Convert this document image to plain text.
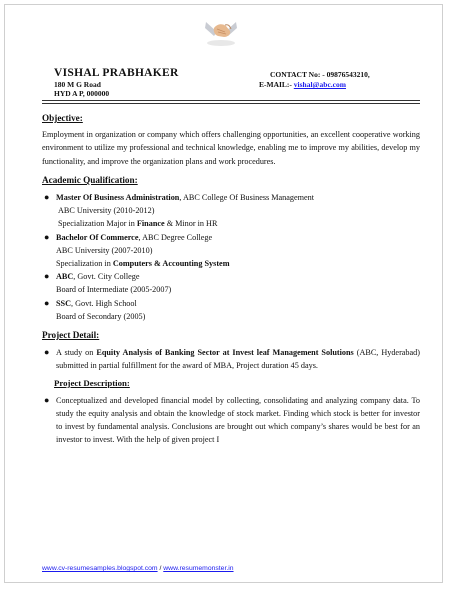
VISHAL PRABHAKER
180 M G Road
HYD A P, 000000
CONTACT No: - 09876543210,
E-MAIL:- vishal@abc.com

Objective:

Employment in organization or company which offers challenging opportunities, an excellent cooperative working environment to utilize my professional and technical knowledge, enabling me to improve my abilities, develop my functionality, and improve the organization plans and work procedures.

Academic Qualification:

● Master Of Business Administration, ABC College Of Business Management
ABC University (2010-2012)
Specialization Major in Finance & Minor in HR
● Bachelor Of Commerce, ABC Degree College
ABC University (2007-2010)
Specialization in Computers & Accounting System
● ABC, Govt. City College
Board of Intermediate (2005-2007)
● SSC, Govt. High School
Board of Secondary (2005)

Project Detail:

● A study on Equity Analysis of Banking Sector at Invest leaf Management Solutions (ABC, Hyderabad) submitted in partial fulfillment for the award of MBA, Project duration 45 days.

Project Description:

● Conceptualized and developed financial model by collecting, consolidating and analyzing company data. To study the equity analysis and obtain the knowledge of stock market. Finding which stock is better for investor to invest by fundamental analysis. Conclusions are brought out which company’s shares would be best for an investor to invest. With the help of given project I
www.cv-resumesamples.blogspot.com / www.resumemonster.in
